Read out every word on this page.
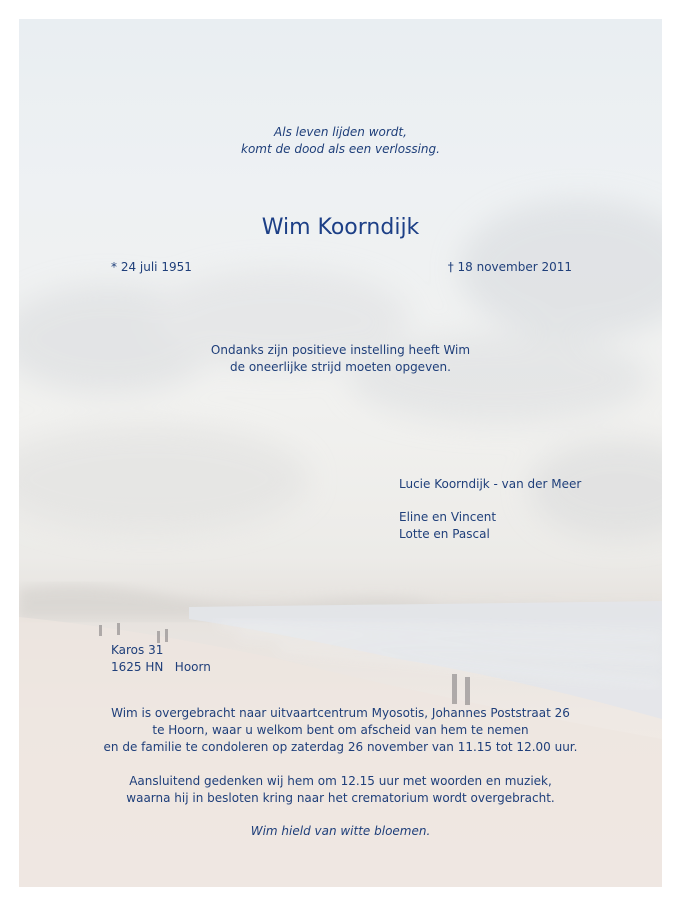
Als leven lijden wordt,
komt de dood als een verlossing.
Wim Koorndijk
* 24 juli 1951	† 18 november 2011
Ondanks zijn positieve instelling heeft Wim
de oneerlijke strijd moeten opgeven.
Lucie Koorndijk - van der Meer
Eline en Vincent
Lotte en Pascal
Karos 31
1625 HN   Hoorn
Wim is overgebracht naar uitvaartcentrum Myosotis, Johannes Poststraat 26
te Hoorn, waar u welkom bent om afscheid van hem te nemen
en de familie te condoleren op zaterdag 26 november van 11.15 tot 12.00 uur.
Aansluitend gedenken wij hem om 12.15 uur met woorden en muziek,
waarna hij in besloten kring naar het crematorium wordt overgebracht.
Wim hield van witte bloemen.
